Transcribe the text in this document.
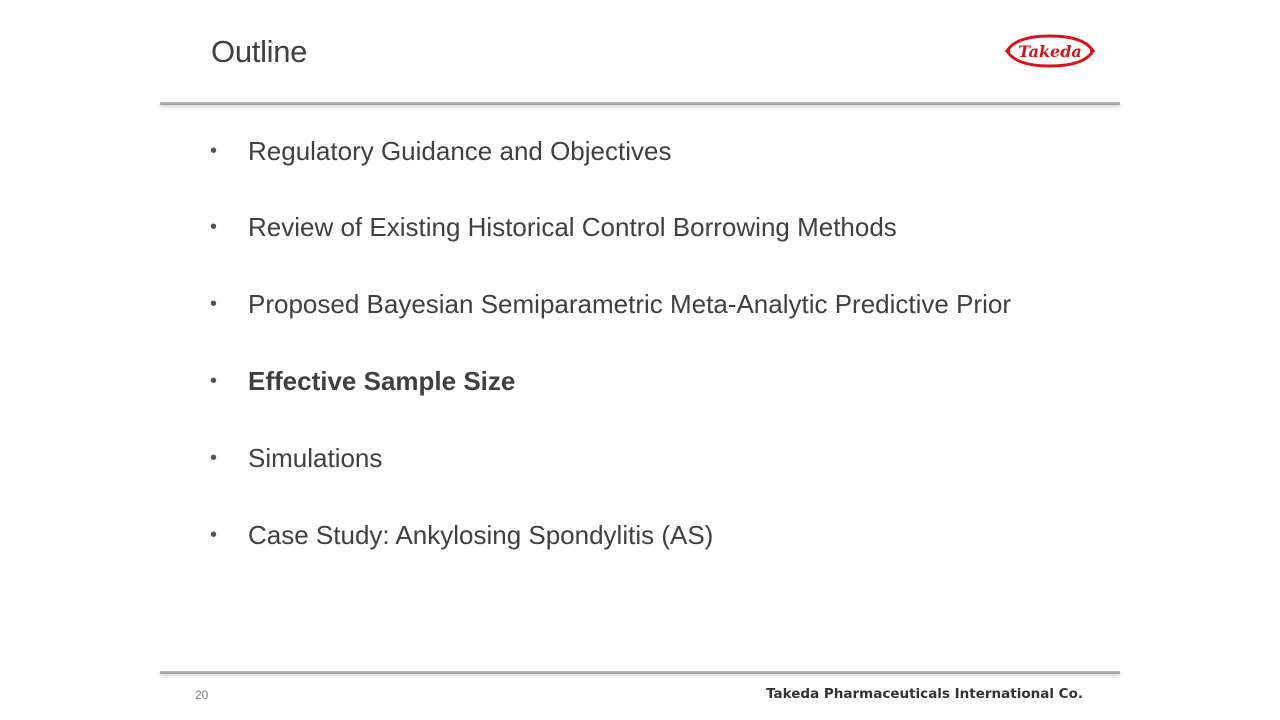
Outline	Takeda
•	Regulatory Guidance and Objectives
•	Review of Existing Historical Control Borrowing Methods
•	Proposed Bayesian Semiparametric Meta-Analytic Predictive Prior
•	Effective Sample Size
•	Simulations
•	Case Study: Ankylosing Spondylitis (AS)
20	Takeda Pharmaceuticals International Co.
